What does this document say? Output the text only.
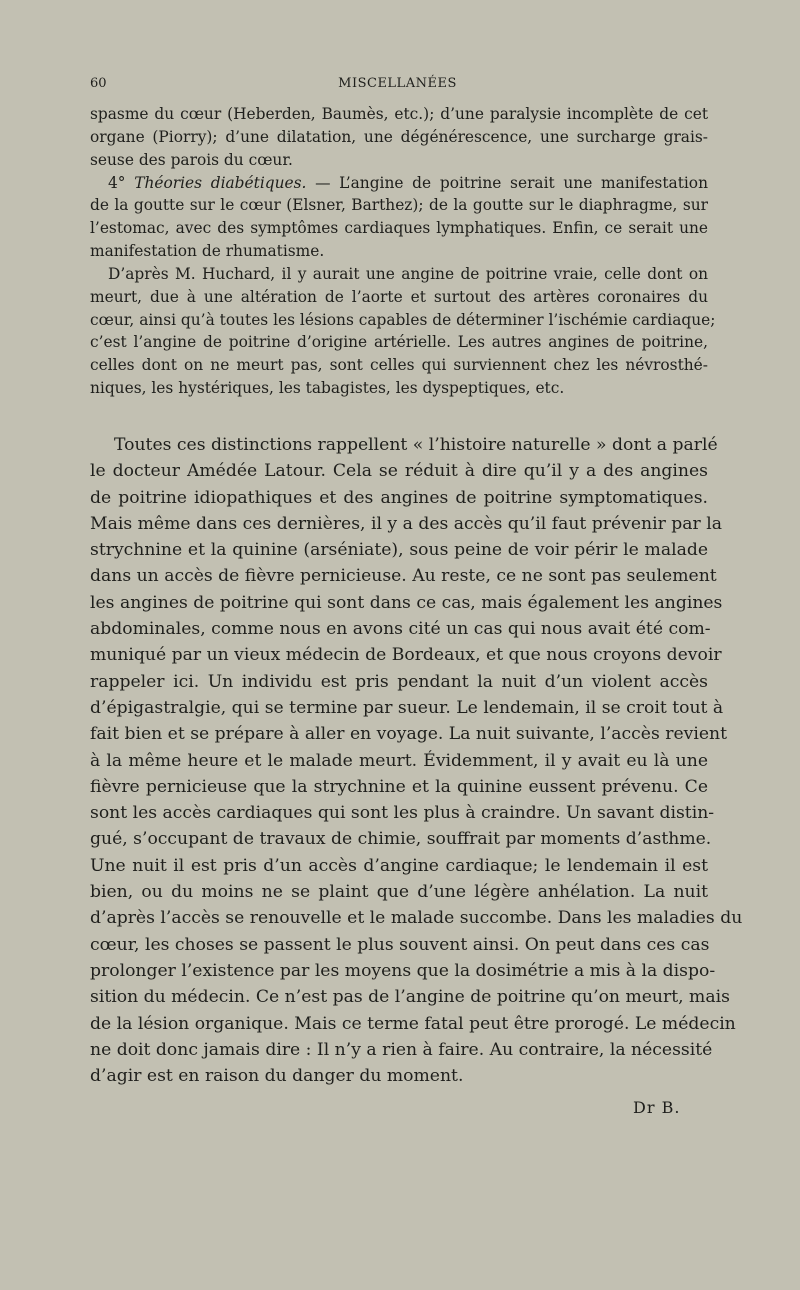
60	MISCELLANÉES
spasme du cœur (Heberden, Baumès, etc.); d’une paralysie incomplète de cet
organe (Piorry); d’une dilatation, une dégénérescence, une surcharge grais-
seuse des parois du cœur.
4° Théories diabétiques. — L’angine de poitrine serait une manifestation
de la goutte sur le cœur (Elsner, Barthez); de la goutte sur le diaphragme, sur
l’estomac, avec des symptômes cardiaques lymphatiques. Enfin, ce serait une
manifestation de rhumatisme.
D’après M. Huchard, il y aurait une angine de poitrine vraie, celle dont on
meurt, due à une altération de l’aorte et surtout des artères coronaires du
cœur, ainsi qu’à toutes les lésions capables de déterminer l’ischémie cardiaque;
c’est l’angine de poitrine d’origine artérielle. Les autres angines de poitrine,
celles dont on ne meurt pas, sont celles qui surviennent chez les névrosthé-
niques, les hystériques, les tabagistes, les dyspeptiques, etc.
Toutes ces distinctions rappellent « l’histoire naturelle » dont a parlé
le docteur Amédée Latour. Cela se réduit à dire qu’il y a des angines
de poitrine idiopathiques et des angines de poitrine symptomatiques.
Mais même dans ces dernières, il y a des accès qu’il faut prévenir par la
strychnine et la quinine (arséniate), sous peine de voir périr le malade
dans un accès de fièvre pernicieuse. Au reste, ce ne sont pas seulement
les angines de poitrine qui sont dans ce cas, mais également les angines
abdominales, comme nous en avons cité un cas qui nous avait été com-
muniqué par un vieux médecin de Bordeaux, et que nous croyons devoir
rappeler ici. Un individu est pris pendant la nuit d’un violent accès
d’épigastralgie, qui se termine par sueur. Le lendemain, il se croit tout à
fait bien et se prépare à aller en voyage. La nuit suivante, l’accès revient
à la même heure et le malade meurt. Évidemment, il y avait eu là une
fièvre pernicieuse que la strychnine et la quinine eussent prévenu. Ce
sont les accès cardiaques qui sont les plus à craindre. Un savant distin-
gué, s’occupant de travaux de chimie, souffrait par moments d’asthme.
Une nuit il est pris d’un accès d’angine cardiaque; le lendemain il est
bien, ou du moins ne se plaint que d’une légère anhélation. La nuit
d’après l’accès se renouvelle et le malade succombe. Dans les maladies du
cœur, les choses se passent le plus souvent ainsi. On peut dans ces cas
prolonger l’existence par les moyens que la dosimétrie a mis à la dispo-
sition du médecin. Ce n’est pas de l’angine de poitrine qu’on meurt, mais
de la lésion organique. Mais ce terme fatal peut être prorogé. Le médecin
ne doit donc jamais dire : Il n’y a rien à faire. Au contraire, la nécessité
d’agir est en raison du danger du moment.
Dr B.
